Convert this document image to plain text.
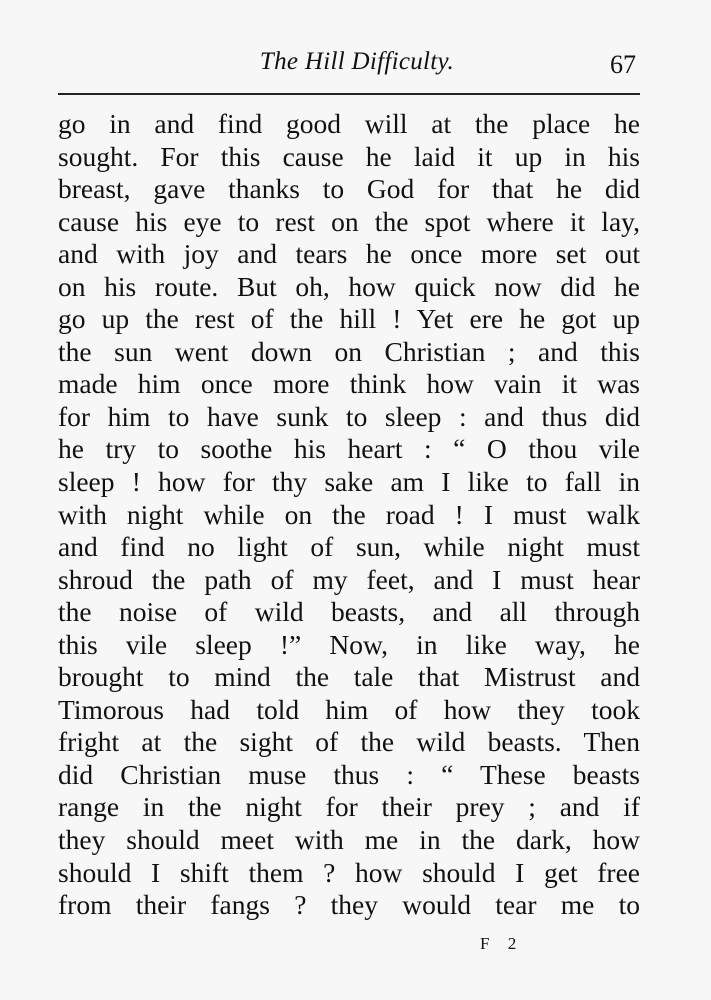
The Hill Difficulty.	67
go in and find good will at the place he
sought. For this cause he laid it up in his
breast, gave thanks to God for that he did
cause his eye to rest on the spot where it lay,
and with joy and tears he once more set out
on his route. But oh, how quick now did he
go up the rest of the hill ! Yet ere he got up
the sun went down on Christian ; and this
made him once more think how vain it was
for him to have sunk to sleep : and thus did
he try to soothe his heart : “ O thou vile
sleep ! how for thy sake am I like to fall in
with night while on the road ! I must walk
and find no light of sun, while night must
shroud the path of my feet, and I must hear
the noise of wild beasts, and all through
this vile sleep !” Now, in like way, he
brought to mind the tale that Mistrust and
Timorous had told him of how they took
fright at the sight of the wild beasts. Then
did Christian muse thus : “ These beasts
range in the night for their prey ; and if
they should meet with me in the dark, how
should I shift them ? how should I get free
from their fangs ? they would tear me to
F 2
